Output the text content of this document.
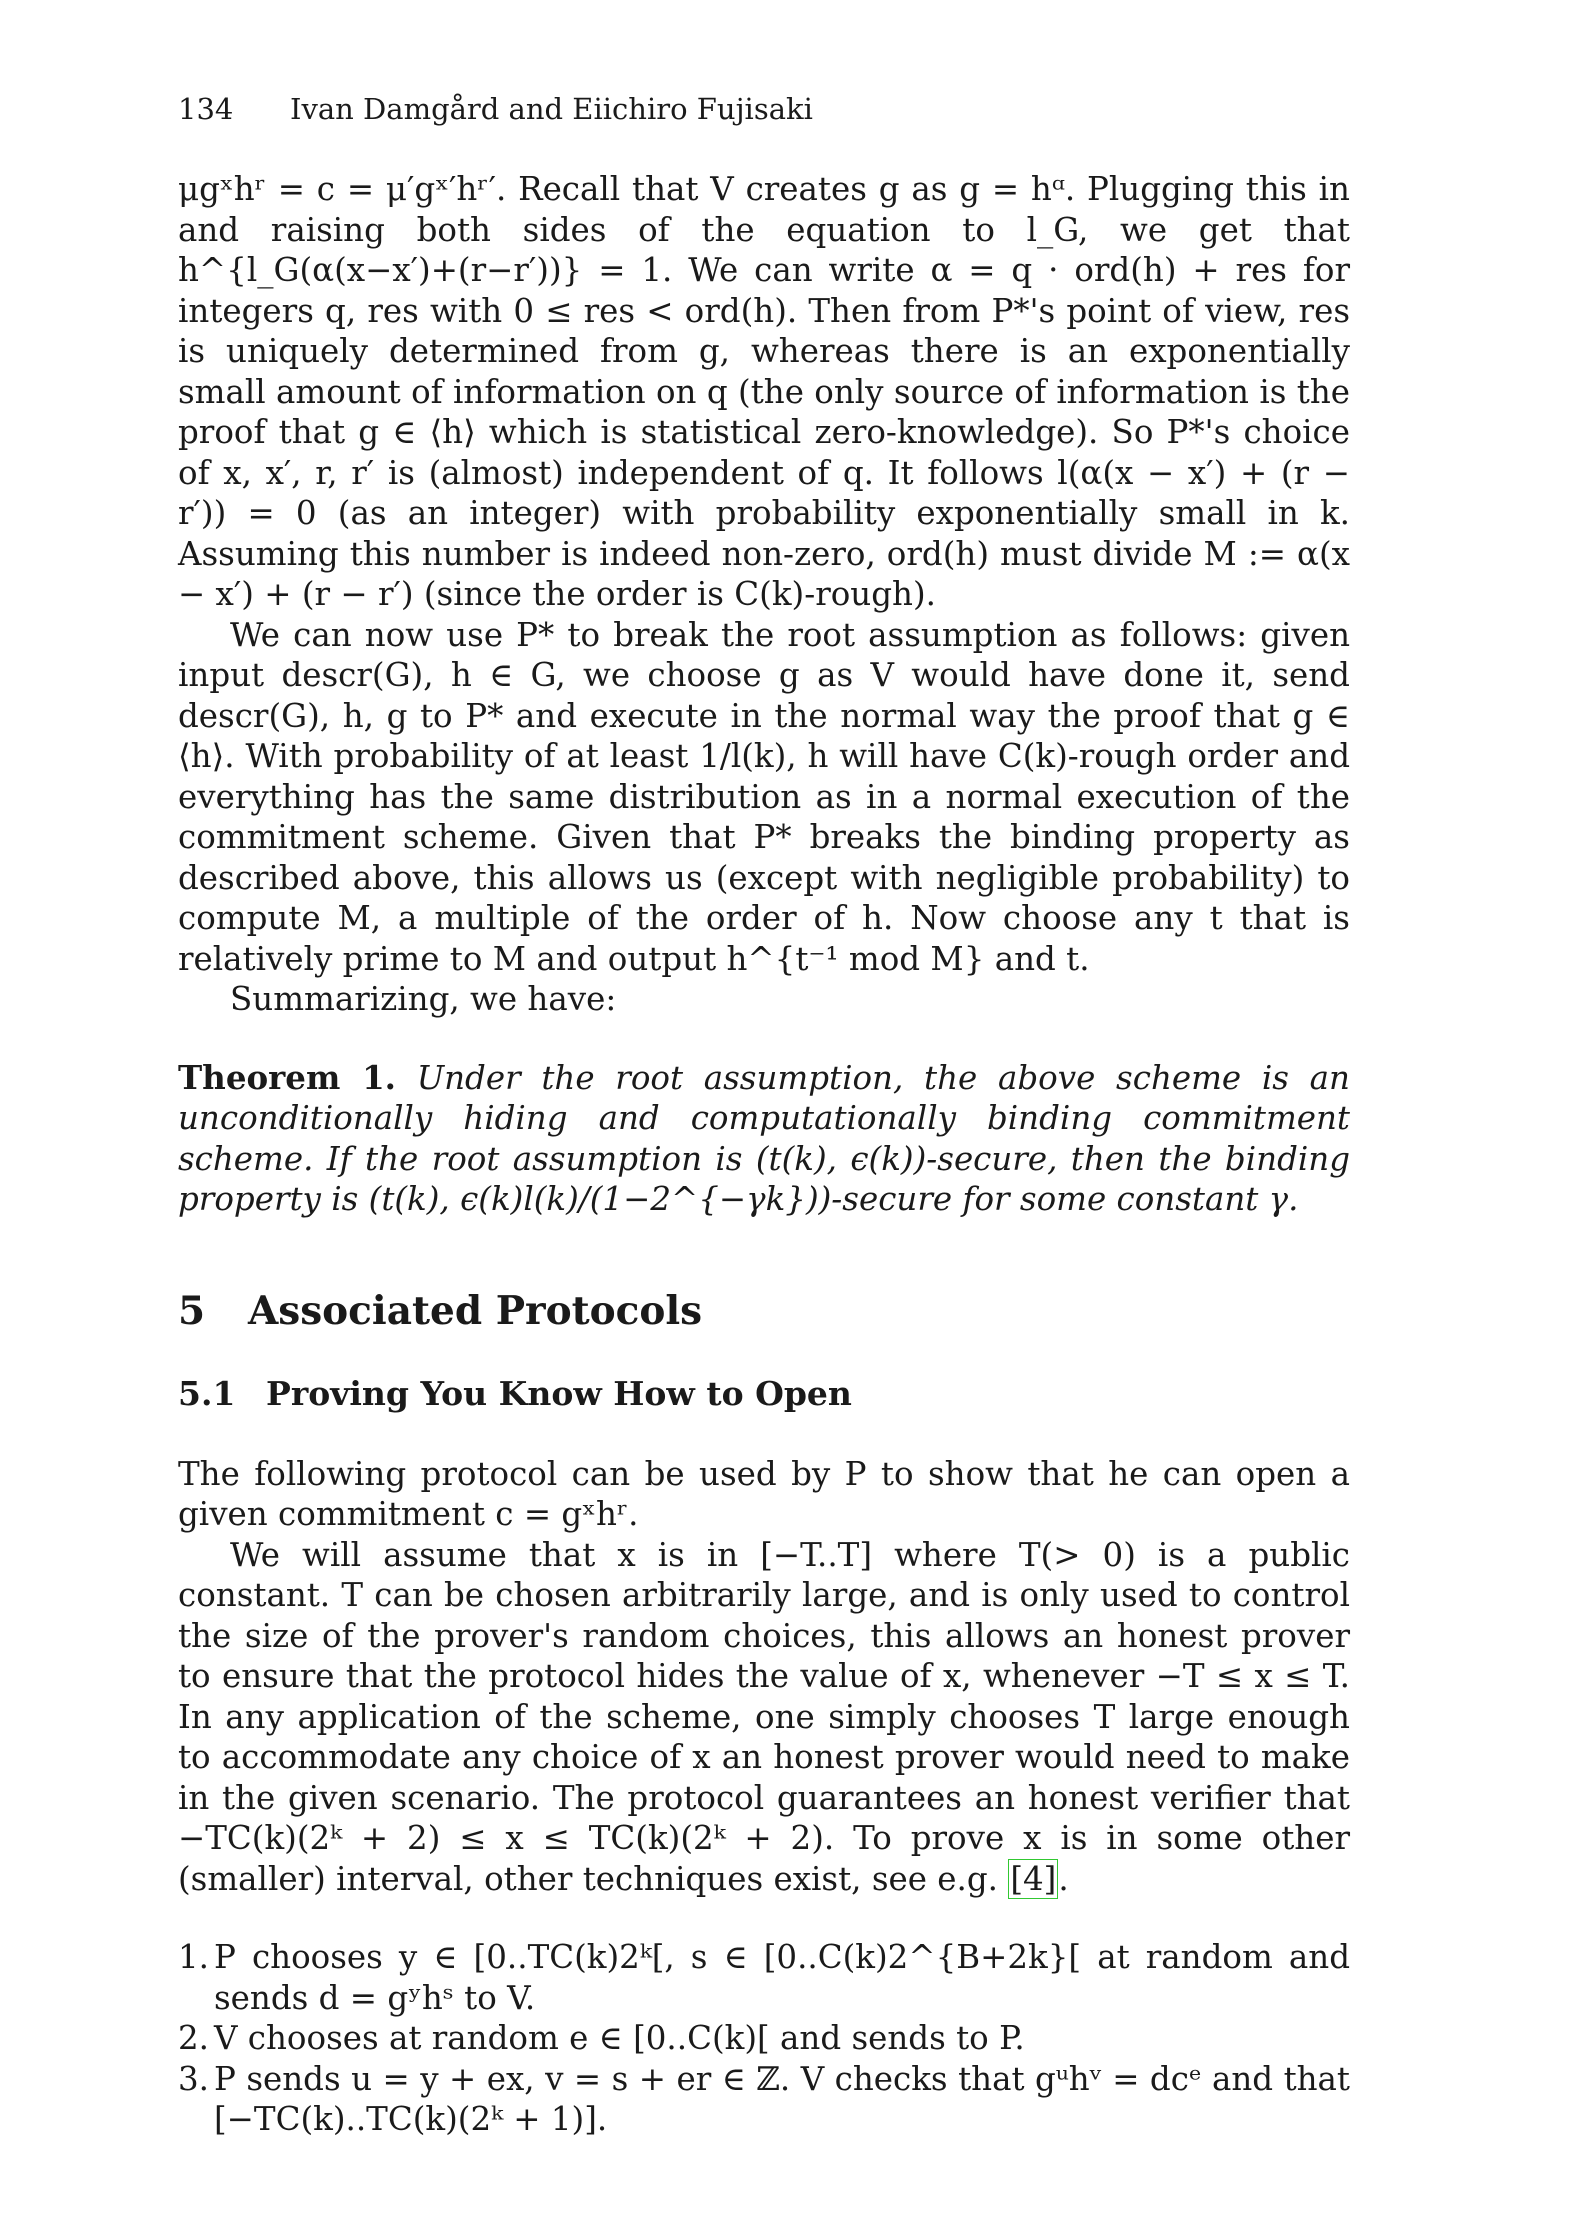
134	Ivan Damgård and Eiichiro Fujisaki

μgˣhʳ = c = μ′gˣ′hʳ′. Recall that V creates g as g = hᵅ. Plugging this in and raising both sides of the equation to l_G, we get that h^{l_G(α(x−x′)+(r−r′))} = 1. We can write α = q · ord(h) + res for integers q, res with 0 ≤ res < ord(h). Then from P*'s point of view, res is uniquely determined from g, whereas there is an exponentially small amount of information on q (the only source of information is the proof that g ∈ ⟨h⟩ which is statistical zero-knowledge). So P*'s choice of x, x′, r, r′ is (almost) independent of q. It follows l(α(x − x′) + (r − r′)) = 0 (as an integer) with probability exponentially small in k. Assuming this number is indeed non-zero, ord(h) must divide M := α(x − x′) + (r − r′) (since the order is C(k)-rough).

We can now use P* to break the root assumption as follows: given input descr(G), h ∈ G, we choose g as V would have done it, send descr(G), h, g to P* and execute in the normal way the proof that g ∈ ⟨h⟩. With probability of at least 1/l(k), h will have C(k)-rough order and everything has the same distribution as in a normal execution of the commitment scheme. Given that P* breaks the binding property as described above, this allows us (except with negligible probability) to compute M, a multiple of the order of h. Now choose any t that is relatively prime to M and output h^{t⁻¹ mod M} and t.

Summarizing, we have:

Theorem 1. Under the root assumption, the above scheme is an unconditionally hiding and computationally binding commitment scheme. If the root assumption is (t(k), ϵ(k))-secure, then the binding property is (t(k), ϵ(k)l(k)/(1−2^{−γk}))-secure for some constant γ.

5	Associated Protocols
5.1 Proving You Know How to Open

The following protocol can be used by P to show that he can open a given commitment c = gˣhʳ.

We will assume that x is in [−T..T] where T(> 0) is a public constant. T can be chosen arbitrarily large, and is only used to control the size of the prover's random choices, this allows an honest prover to ensure that the protocol hides the value of x, whenever −T ≤ x ≤ T. In any application of the scheme, one simply chooses T large enough to accommodate any choice of x an honest prover would need to make in the given scenario. The protocol guarantees an honest verifier that −TC(k)(2ᵏ + 2) ≤ x ≤ TC(k)(2ᵏ + 2). To prove x is in some other (smaller) interval, other techniques exist, see e.g. [4].

1. P chooses y ∈ [0..TC(k)2ᵏ[, s ∈ [0..C(k)2^{B+2k}[ at random and sends d = gʸhˢ to V.
2. V chooses at random e ∈ [0..C(k)[ and sends to P.
3. P sends u = y + ex, v = s + er ∈ ℤ. V checks that gᵘhᵛ = dcᵉ and that [−TC(k)..TC(k)(2ᵏ + 1)].
